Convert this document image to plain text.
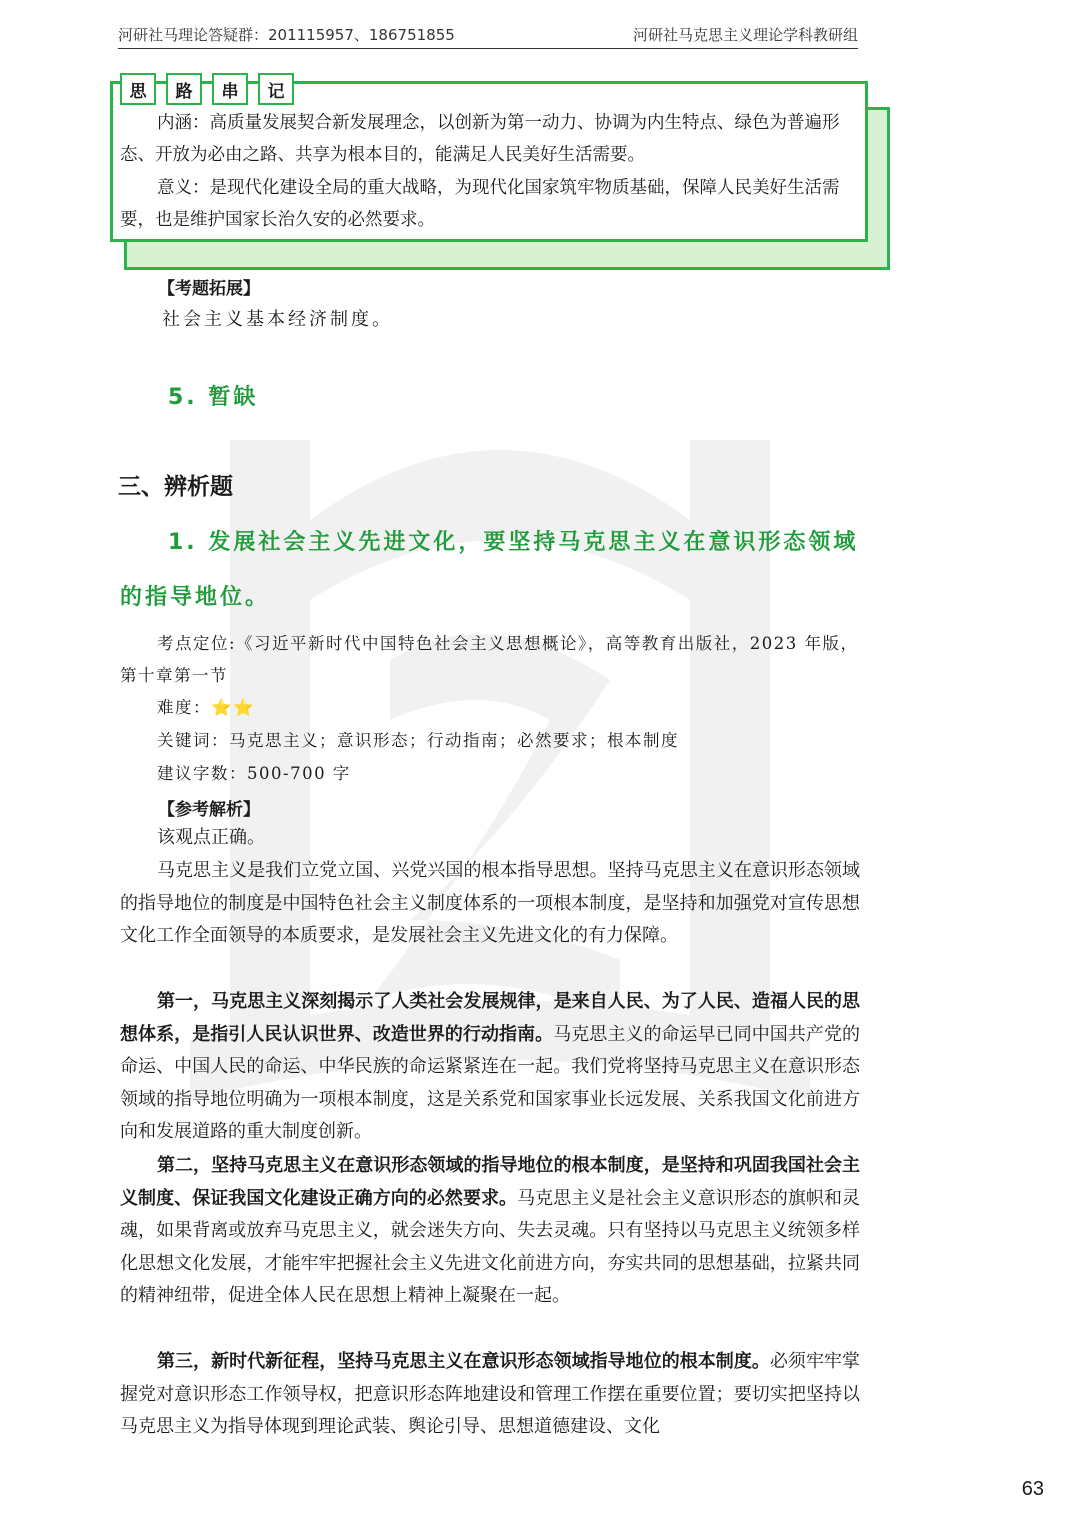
河研社马理论答疑群：201115957、186751855	河研社马克思主义理论学科教研组
思	路	串	记

内涵：高质量发展契合新发展理念，以创新为第一动力、协调为内生特点、绿色为普遍形态、开放为必由之路、共享为根本目的，能满足人民美好生活需要。

意义：是现代化建设全局的重大战略，为现代化国家筑牢物质基础，保障人民美好生活需要，也是维护国家长治久安的必然要求。

【考题拓展】
社会主义基本经济制度。
5. 暂缺
三、辨析题
1. 发展社会主义先进文化，要坚持马克思主义在意识形态领域
的指导地位。

考点定位:《习近平新时代中国特色社会主义思想概论》，高等教育出版社，2023 年版，第十章第一节

难度：⭐⭐

关键词：马克思主义；意识形态；行动指南；必然要求；根本制度

建议字数：500-700 字

【参考解析】

该观点正确。

马克思主义是我们立党立国、兴党兴国的根本指导思想。坚持马克思主义在意识形态领域的指导地位的制度是中国特色社会主义制度体系的一项根本制度，是坚持和加强党对宣传思想文化工作全面领导的本质要求，是发展社会主义先进文化的有力保障。

第一，马克思主义深刻揭示了人类社会发展规律，是来自人民、为了人民、造福人民的思想体系，是指引人民认识世界、改造世界的行动指南。马克思主义的命运早已同中国共产党的命运、中国人民的命运、中华民族的命运紧紧连在一起。我们党将坚持马克思主义在意识形态领域的指导地位明确为一项根本制度，这是关系党和国家事业长远发展、关系我国文化前进方向和发展道路的重大制度创新。

第二，坚持马克思主义在意识形态领域的指导地位的根本制度，是坚持和巩固我国社会主义制度、保证我国文化建设正确方向的必然要求。马克思主义是社会主义意识形态的旗帜和灵魂，如果背离或放弃马克思主义，就会迷失方向、失去灵魂。只有坚持以马克思主义统领多样化思想文化发展，才能牢牢把握社会主义先进文化前进方向，夯实共同的思想基础，拉紧共同的精神纽带，促进全体人民在思想上精神上凝聚在一起。

第三，新时代新征程，坚持马克思主义在意识形态领域指导地位的根本制度。必须牢牢掌握党对意识形态工作领导权，把意识形态阵地建设和管理工作摆在重要位置；要切实把坚持以马克思主义为指导体现到理论武装、舆论引导、思想道德建设、文化

63
